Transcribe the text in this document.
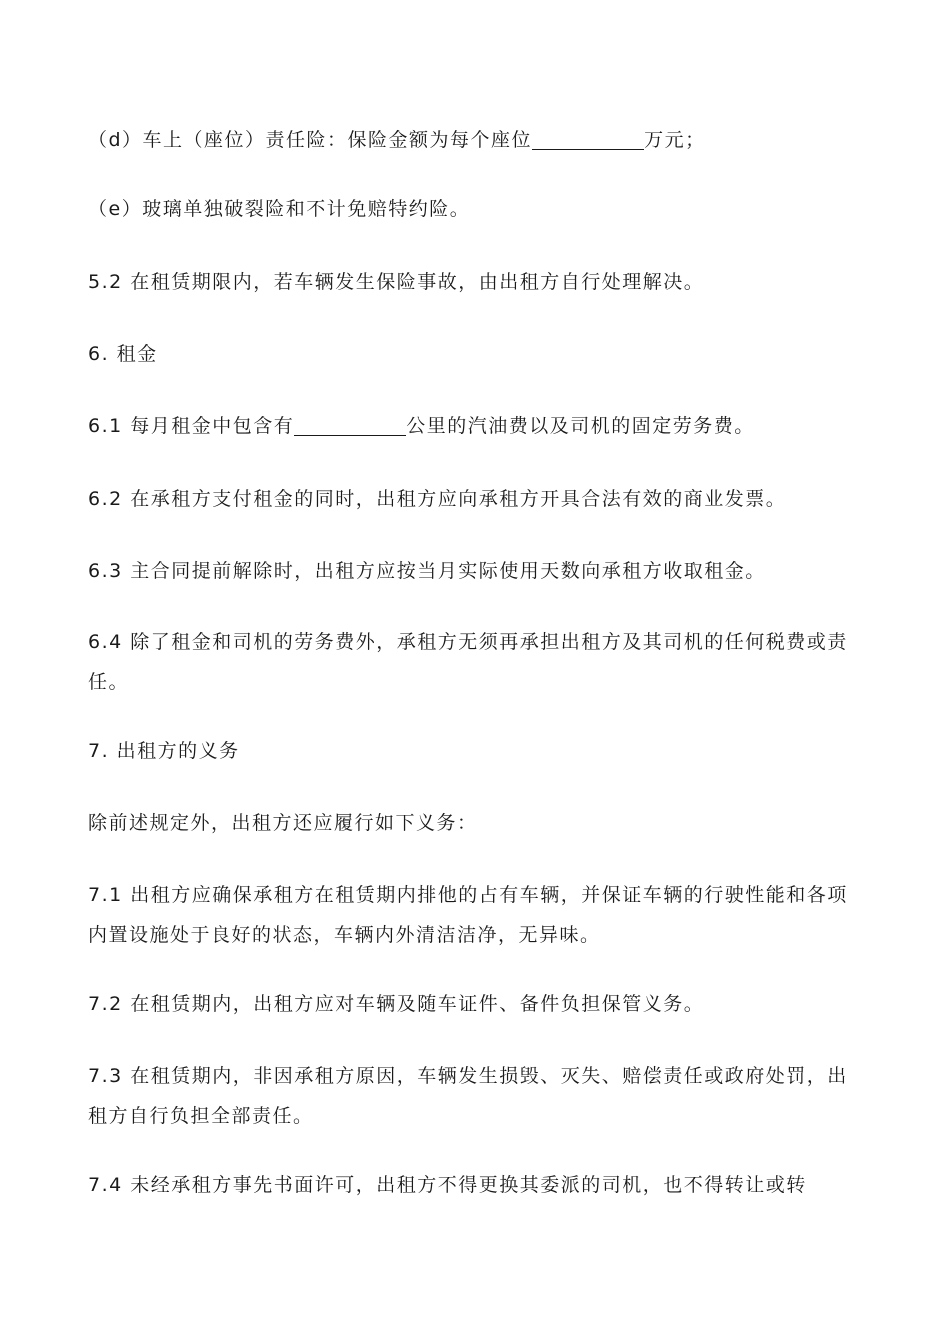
（d）车上（座位）责任险：保险金额为每个座位	万元；

（e）玻璃单独破裂险和不计免赔特约险。

5.2 在租赁期限内，若车辆发生保险事故，由出租方自行处理解决。

6. 租金

6.1 每月租金中包含有	公里的汽油费以及司机的固定劳务费。

6.2 在承租方支付租金的同时，出租方应向承租方开具合法有效的商业发票。

6.3 主合同提前解除时，出租方应按当月实际使用天数向承租方收取租金。

6.4 除了租金和司机的劳务费外，承租方无须再承担出租方及其司机的任何税费或责任。

7. 出租方的义务

除前述规定外，出租方还应履行如下义务：

7.1 出租方应确保承租方在租赁期内排他的占有车辆，并保证车辆的行驶性能和各项内置设施处于良好的状态，车辆内外清洁洁净，无异味。

7.2 在租赁期内，出租方应对车辆及随车证件、备件负担保管义务。

7.3 在租赁期内，非因承租方原因，车辆发生损毁、灭失、赔偿责任或政府处罚，出租方自行负担全部责任。

7.4 未经承租方事先书面许可，出租方不得更换其委派的司机，也不得转让或转
